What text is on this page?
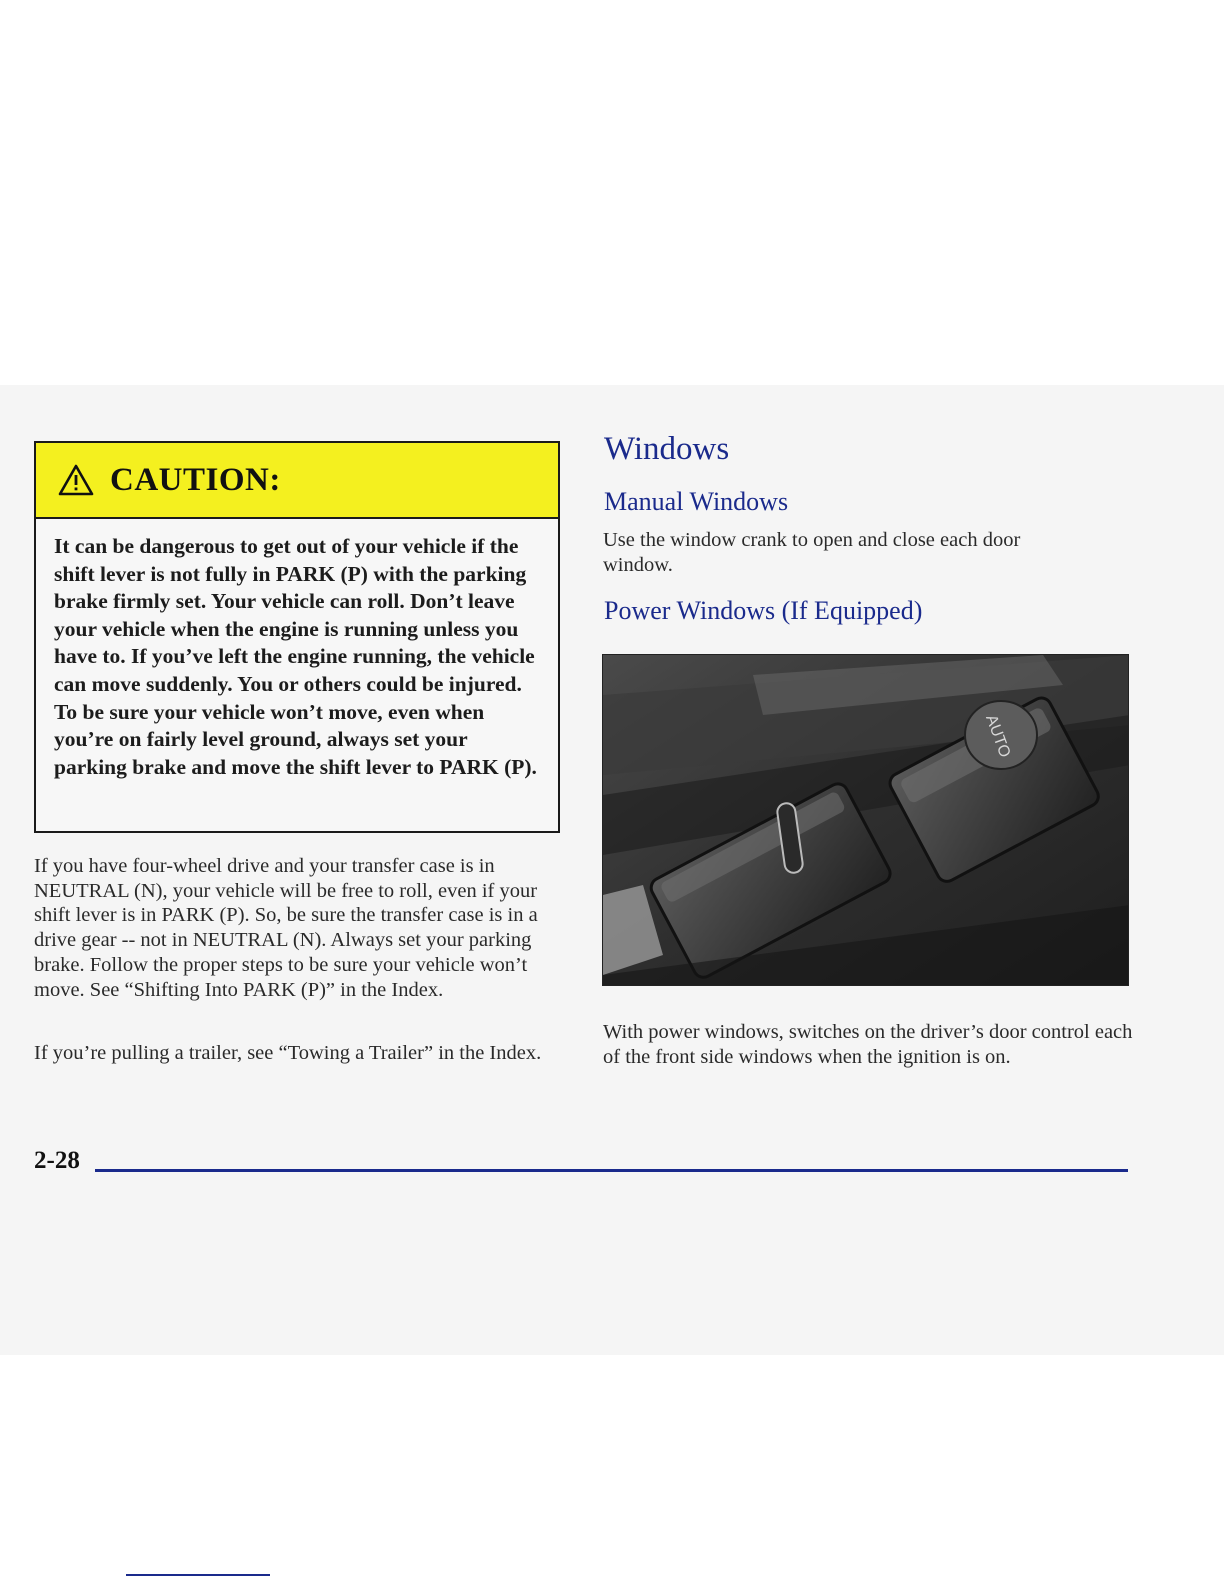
CAUTION:
It can be dangerous to get out of your vehicle if the shift lever is not fully in PARK (P) with the parking brake firmly set. Your vehicle can roll. Don’t leave your vehicle when the engine is running unless you have to. If you’ve left the engine running, the vehicle can move suddenly. You or others could be injured. To be sure your vehicle won’t move, even when you’re on fairly level ground, always set your parking brake and move the shift lever to PARK (P).
If you have four-wheel drive and your transfer case is in NEUTRAL (N), your vehicle will be free to roll, even if your shift lever is in PARK (P). So, be sure the transfer case is in a drive gear -- not in NEUTRAL (N). Always set your parking brake. Follow the proper steps to be sure your vehicle won’t move. See “Shifting Into PARK (P)” in the Index.
If you’re pulling a trailer, see “Towing a Trailer” in the Index.
Windows
Manual Windows
Use the window crank to open and close each door window.
Power Windows (If Equipped)
AUTO
With power windows, switches on the driver’s door control each of the front side windows when the ignition is on.
2-28
